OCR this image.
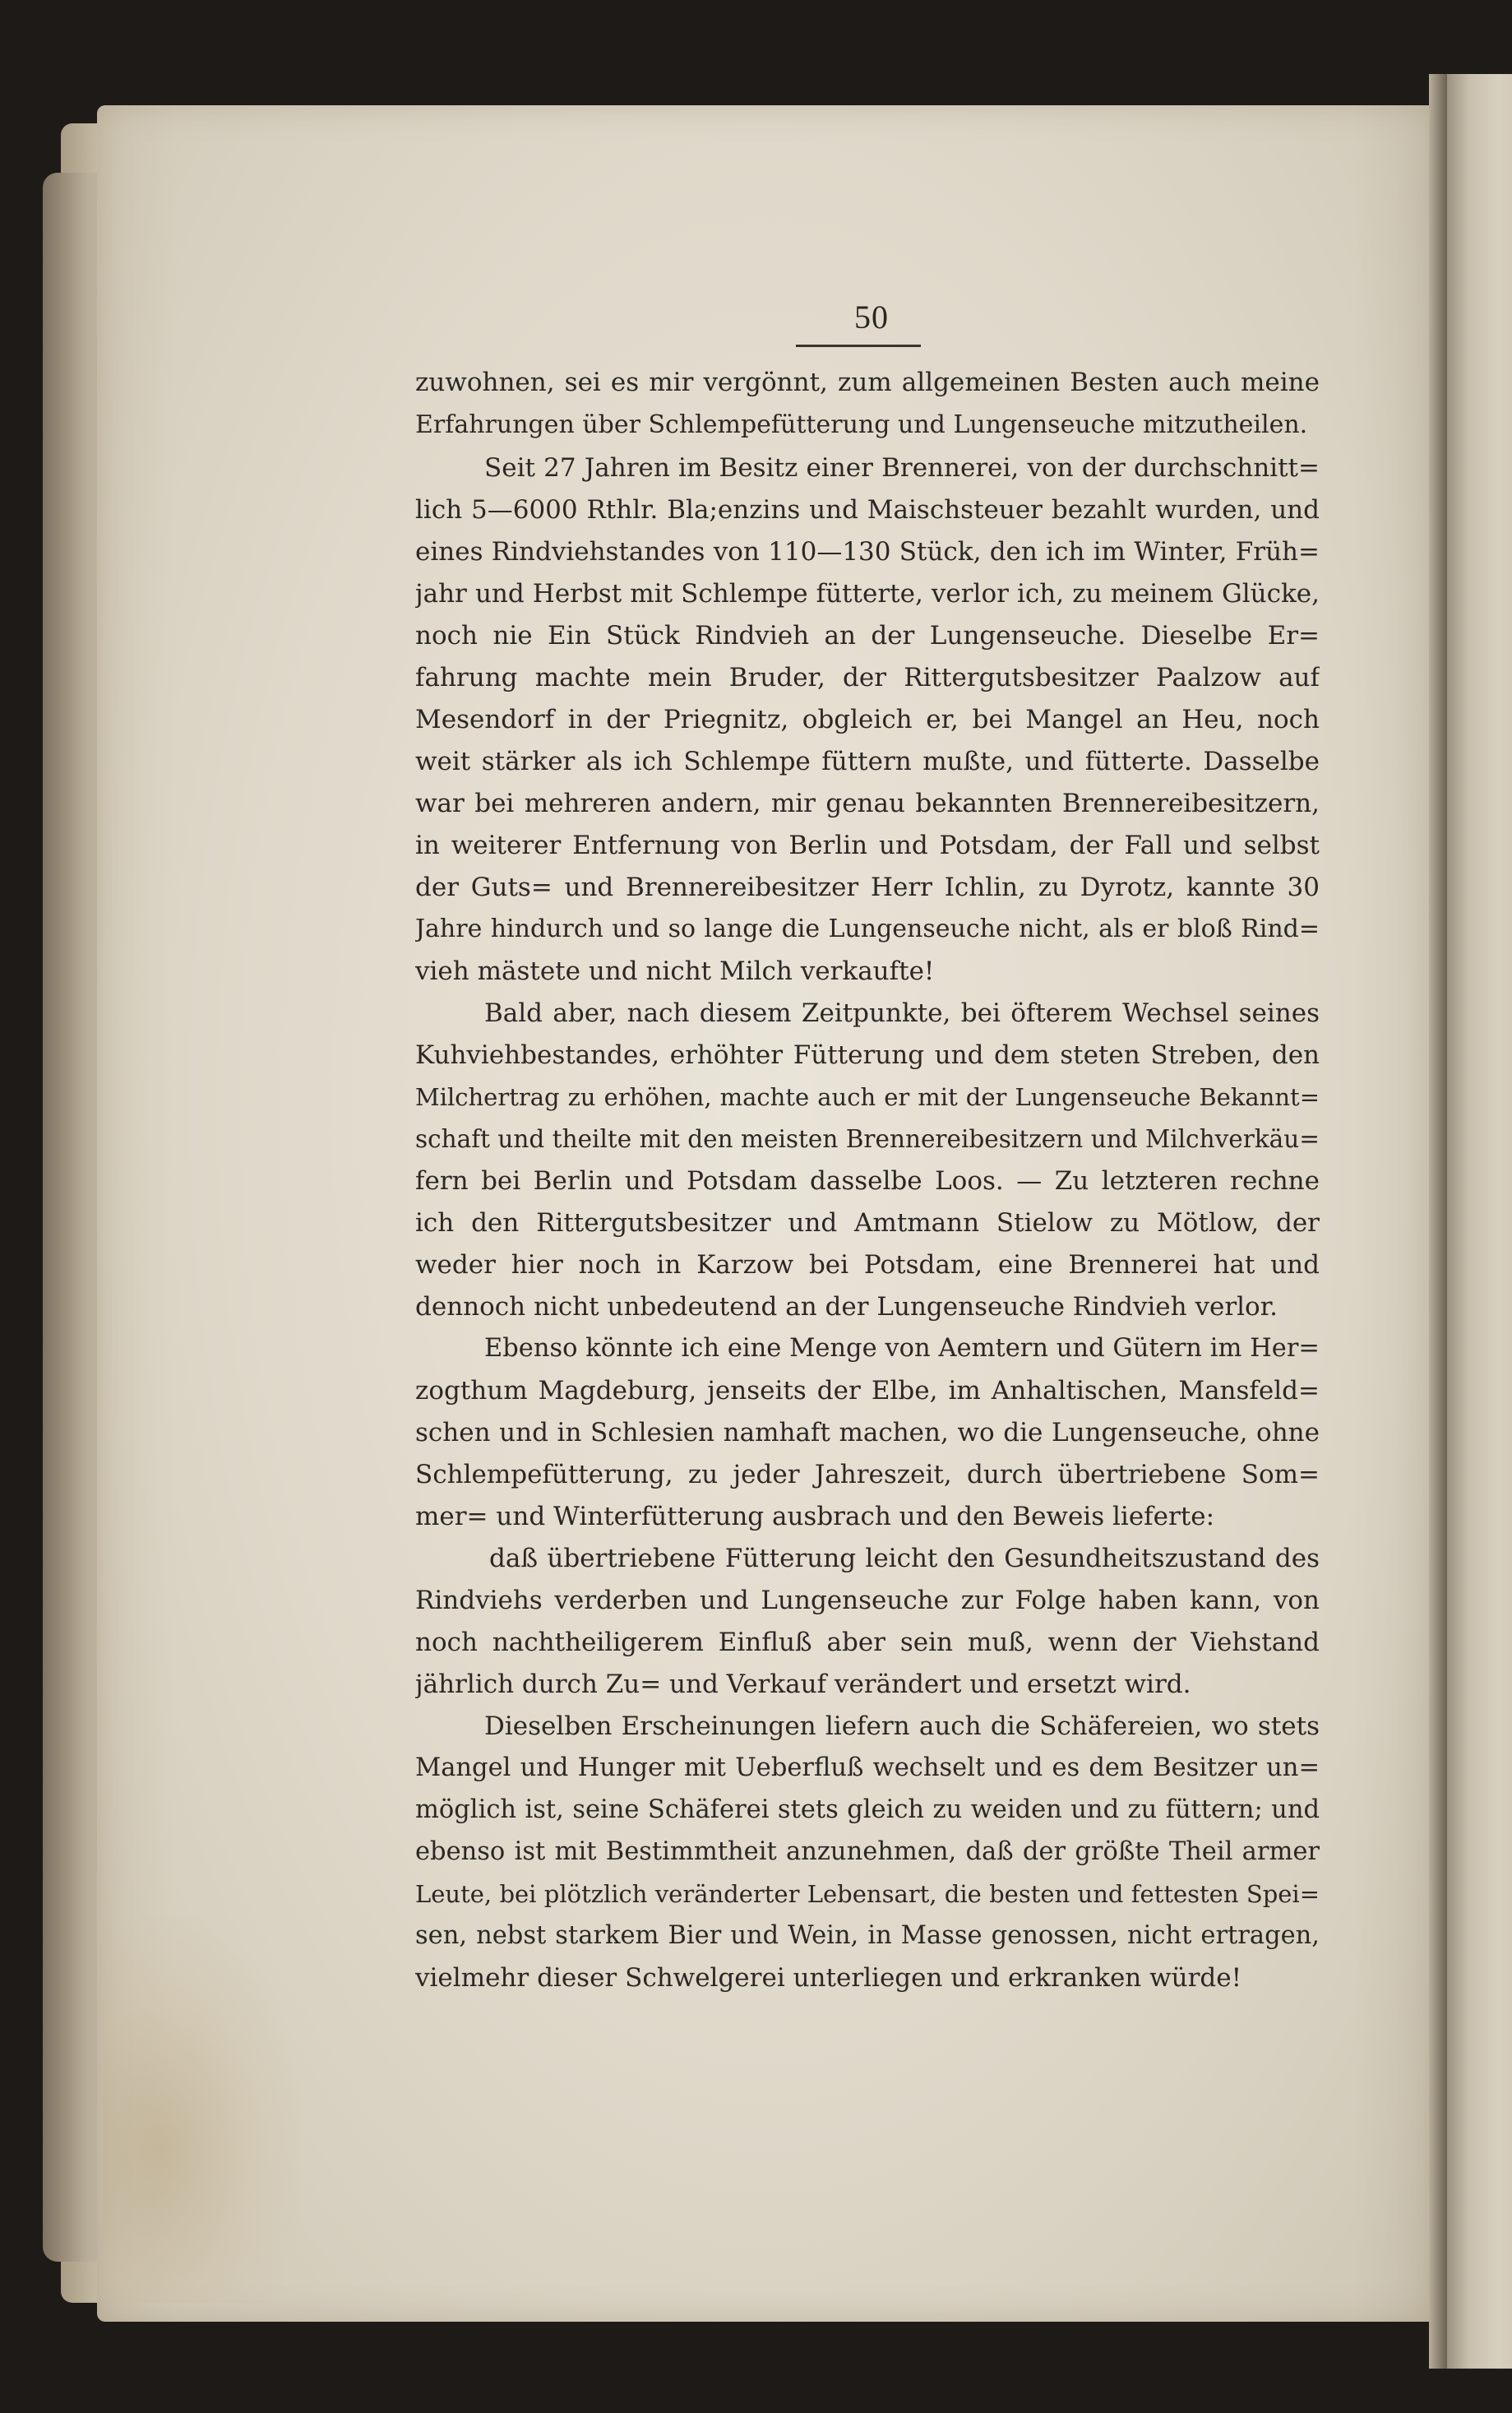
50
zuwohnen, sei es mir vergönnt, zum allgemeinen Besten auch meine
Erfahrungen über Schlempefütterung und Lungenseuche mitzutheilen.
Seit 27 Jahren im Besitz einer Brennerei, von der durchschnitt=
lich 5—6000 Rthlr. Bla;enzins und Maischsteuer bezahlt wurden, und
eines Rindviehstandes von 110—130 Stück, den ich im Winter, Früh=
jahr und Herbst mit Schlempe fütterte, verlor ich, zu meinem Glücke,
noch nie Ein Stück Rindvieh an der Lungenseuche. Dieselbe Er=
fahrung machte mein Bruder, der Rittergutsbesitzer Paalzow auf
Mesendorf in der Priegnitz, obgleich er, bei Mangel an Heu, noch
weit stärker als ich Schlempe füttern mußte, und fütterte. Dasselbe
war bei mehreren andern, mir genau bekannten Brennereibesitzern,
in weiterer Entfernung von Berlin und Potsdam, der Fall und selbst
der Guts= und Brennereibesitzer Herr Ichlin, zu Dyrotz, kannte 30
Jahre hindurch und so lange die Lungenseuche nicht, als er bloß Rind=
vieh mästete und nicht Milch verkaufte!
Bald aber, nach diesem Zeitpunkte, bei öfterem Wechsel seines
Kuhviehbestandes, erhöhter Fütterung und dem steten Streben, den
Milchertrag zu erhöhen, machte auch er mit der Lungenseuche Bekannt=
schaft und theilte mit den meisten Brennereibesitzern und Milchverkäu=
fern bei Berlin und Potsdam dasselbe Loos. — Zu letzteren rechne
ich den Rittergutsbesitzer und Amtmann Stielow zu Mötlow, der
weder hier noch in Karzow bei Potsdam, eine Brennerei hat und
dennoch nicht unbedeutend an der Lungenseuche Rindvieh verlor.
Ebenso könnte ich eine Menge von Aemtern und Gütern im Her=
zogthum Magdeburg, jenseits der Elbe, im Anhaltischen, Mansfeld=
schen und in Schlesien namhaft machen, wo die Lungenseuche, ohne
Schlempefütterung, zu jeder Jahreszeit, durch übertriebene Som=
mer= und Winterfütterung ausbrach und den Beweis lieferte:
daß übertriebene Fütterung leicht den Gesundheitszustand des
Rindviehs verderben und Lungenseuche zur Folge haben kann, von
noch nachtheiligerem Einfluß aber sein muß, wenn der Viehstand
jährlich durch Zu= und Verkauf verändert und ersetzt wird.
Dieselben Erscheinungen liefern auch die Schäfereien, wo stets
Mangel und Hunger mit Ueberfluß wechselt und es dem Besitzer un=
möglich ist, seine Schäferei stets gleich zu weiden und zu füttern; und
ebenso ist mit Bestimmtheit anzunehmen, daß der größte Theil armer
Leute, bei plötzlich veränderter Lebensart, die besten und fettesten Spei=
sen, nebst starkem Bier und Wein, in Masse genossen, nicht ertragen,
vielmehr dieser Schwelgerei unterliegen und erkranken würde!
